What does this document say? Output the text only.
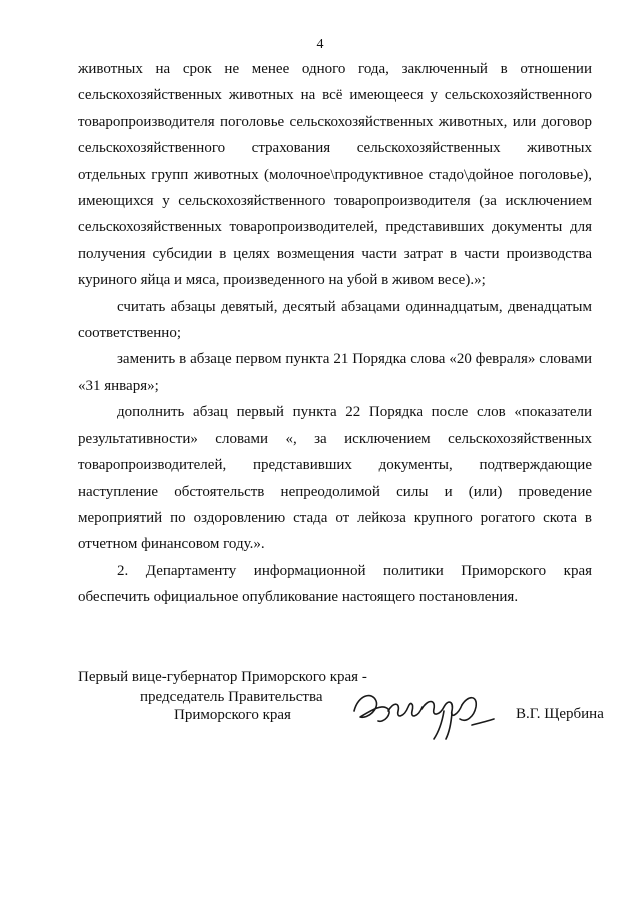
4

животных на срок не менее одного года, заключенный в отношении сельскохозяйственных животных на всё имеющееся у сельскохозяйственного товаропроизводителя поголовье сельскохозяйственных животных, или договор сельскохозяйственного страхования сельскохозяйственных животных отдельных групп животных (молочное\продуктивное стадо\дойное поголовье), имеющихся у сельскохозяйственного товаропроизводителя (за исключением сельскохозяйственных товаропроизводителей, представивших документы для получения субсидии в целях возмещения части затрат в части производства куриного яйца и мяса, произведенного на убой в живом весе).»;

считать абзацы девятый, десятый абзацами одиннадцатым, двенадцатым соответственно;

заменить в абзаце первом пункта 21 Порядка слова «20 февраля» словами «31 января»;

дополнить абзац первый пункта 22 Порядка после слов «показатели результативности» словами «, за исключением сельскохозяйственных товаропроизводителей, представивших документы, подтверждающие наступление обстоятельств непреодолимой силы и (или) проведение мероприятий по оздоровлению стада от лейкоза крупного рогатого скота в отчетном финансовом году.».

2. Департаменту информационной политики Приморского края обеспечить официальное опубликование настоящего постановления.

Первый вице-губернатор Приморского края -
председатель Правительства
Приморского края	В.Г. Щербина
